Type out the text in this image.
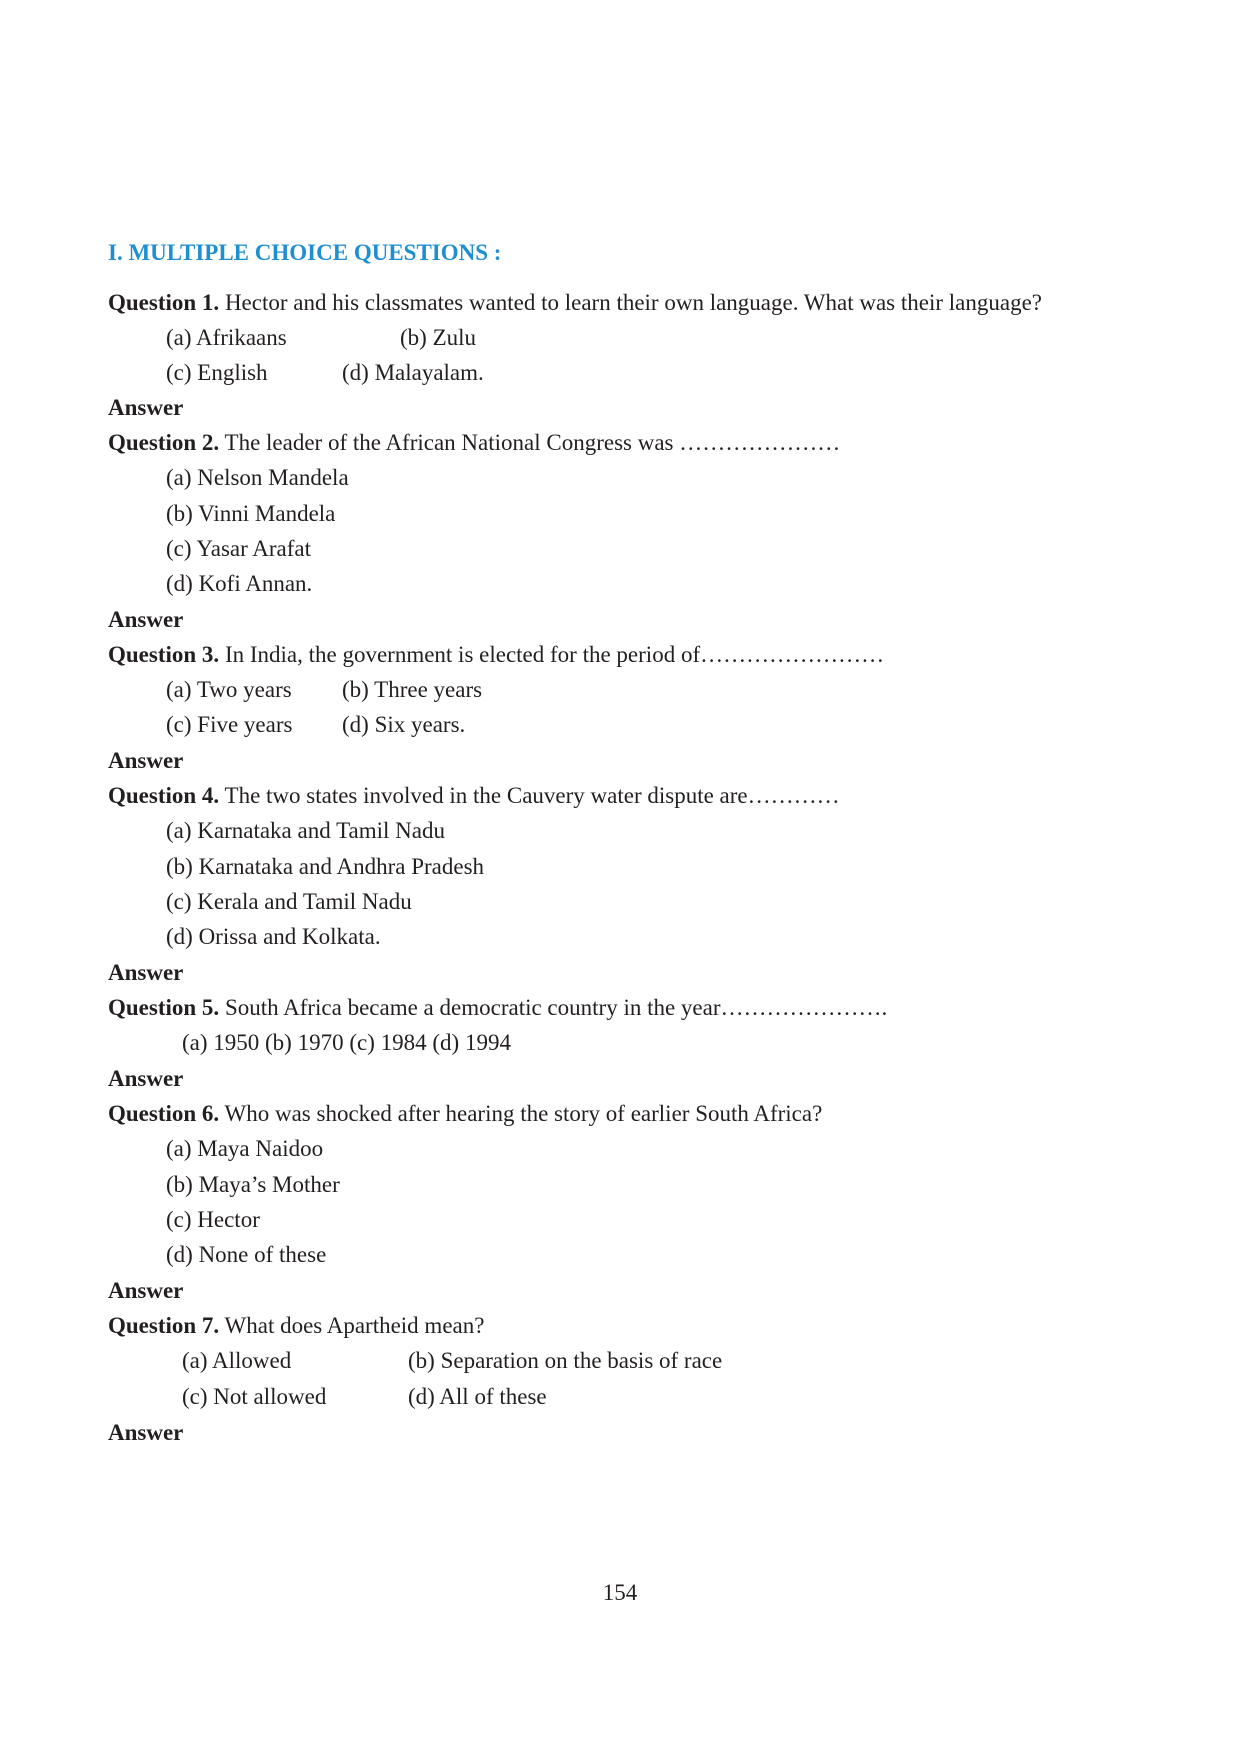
I. MULTIPLE CHOICE QUESTIONS :
Question 1. Hector and his classmates wanted to learn their own language. What was their language?
(a) Afrikaans	(b) Zulu
(c) English	(d) Malayalam.
Answer
Question 2. The leader of the African National Congress was …………………
(a) Nelson Mandela
(b) Vinni Mandela
(c) Yasar Arafat
(d) Kofi Annan.
Answer
Question 3. In India, the government is elected for the period of……………………
(a) Two years (b) Three years
(c) Five years (d) Six years.
Answer
Question 4. The two states involved in the Cauvery water dispute are…………
(a) Karnataka and Tamil Nadu
(b) Karnataka and Andhra Pradesh
(c) Kerala and Tamil Nadu
(d) Orissa and Kolkata.
Answer
Question 5. South Africa became a democratic country in the year………………….
(a) 1950 (b) 1970 (c) 1984 (d) 1994
Answer
Question 6. Who was shocked after hearing the story of earlier South Africa?
(a) Maya Naidoo
(b) Maya’s Mother
(c) Hector
(d) None of these
Answer
Question 7. What does Apartheid mean?
(a) Allowed	(b) Separation on the basis of race
(c) Not allowed	(d) All of these
Answer
154
